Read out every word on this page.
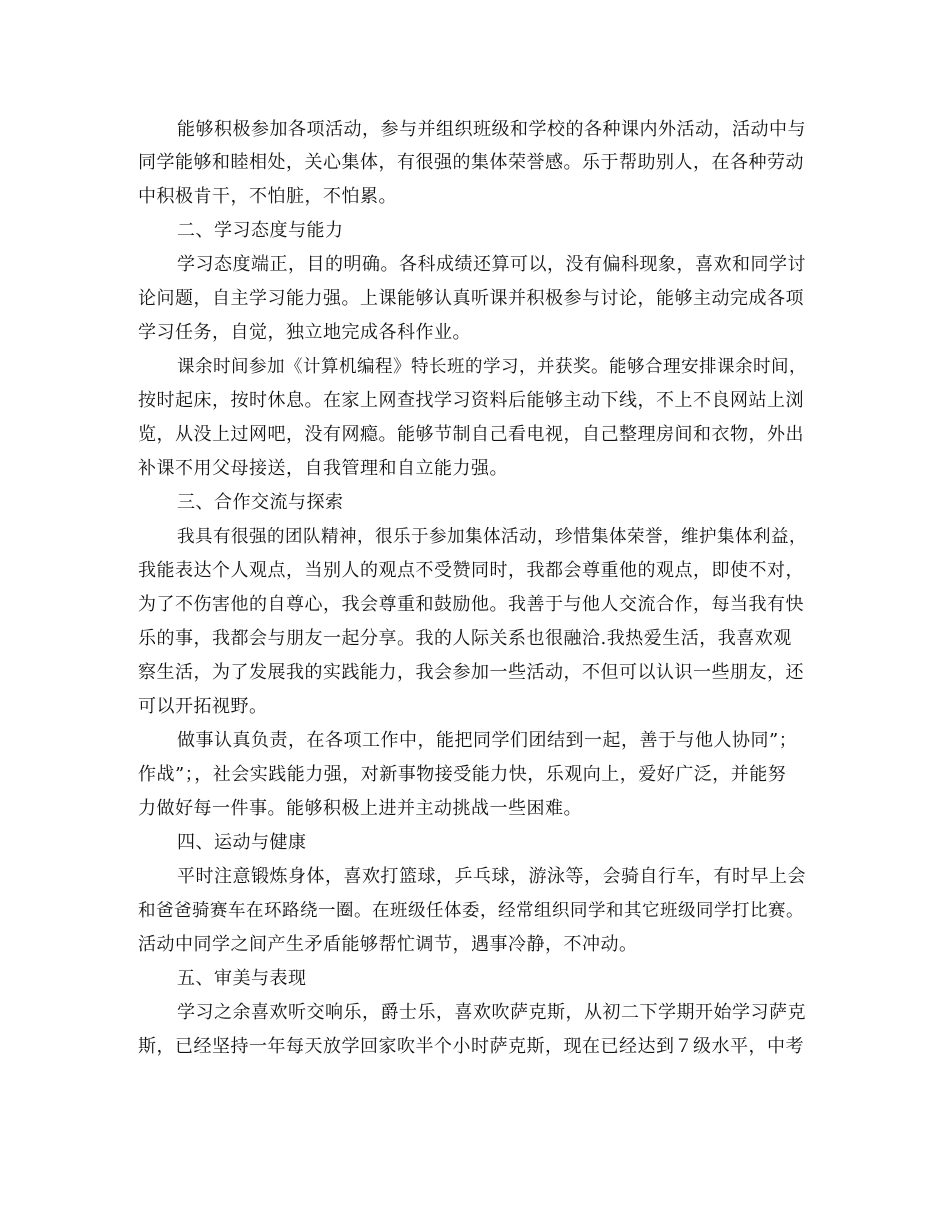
能够积极参加各项活动，参与并组织班级和学校的各种课内外活动，活动中与
同学能够和睦相处，关心集体，有很强的集体荣誉感。乐于帮助别人，在各种劳动
中积极肯干，不怕脏，不怕累。
二、学习态度与能力
学习态度端正，目的明确。各科成绩还算可以，没有偏科现象，喜欢和同学讨
论问题，自主学习能力强。上课能够认真听课并积极参与讨论，能够主动完成各项
学习任务，自觉，独立地完成各科作业。
课余时间参加《计算机编程》特长班的学习，并获奖。能够合理安排课余时间，
按时起床，按时休息。在家上网查找学习资料后能够主动下线，不上不良网站上浏
览，从没上过网吧，没有网瘾。能够节制自己看电视，自己整理房间和衣物，外出
补课不用父母接送，自我管理和自立能力强。
三、合作交流与探索
我具有很强的团队精神，很乐于参加集体活动，珍惜集体荣誉，维护集体利益，
我能表达个人观点，当别人的观点不受赞同时，我都会尊重他的观点，即使不对，
为了不伤害他的自尊心，我会尊重和鼓励他。我善于与他人交流合作，每当我有快
乐的事，我都会与朋友一起分享。我的人际关系也很融洽.我热爱生活，我喜欢观
察生活，为了发展我的实践能力，我会参加一些活动，不但可以认识一些朋友，还
可以开拓视野。
做事认真负责，在各项工作中，能把同学们团结到一起，善于与他人协同”；
作战”；，社会实践能力强，对新事物接受能力快，乐观向上，爱好广泛，并能努
力做好每一件事。能够积极上进并主动挑战一些困难。
四、运动与健康
平时注意锻炼身体，喜欢打篮球，乒乓球，游泳等，会骑自行车，有时早上会
和爸爸骑赛车在环路绕一圈。在班级任体委，经常组织同学和其它班级同学打比赛。
活动中同学之间产生矛盾能够帮忙调节，遇事冷静，不冲动。
五、审美与表现
学习之余喜欢听交响乐，爵士乐，喜欢吹萨克斯，从初二下学期开始学习萨克
斯，已经坚持一年每天放学回家吹半个小时萨克斯，现在已经达到７级水平，中考
